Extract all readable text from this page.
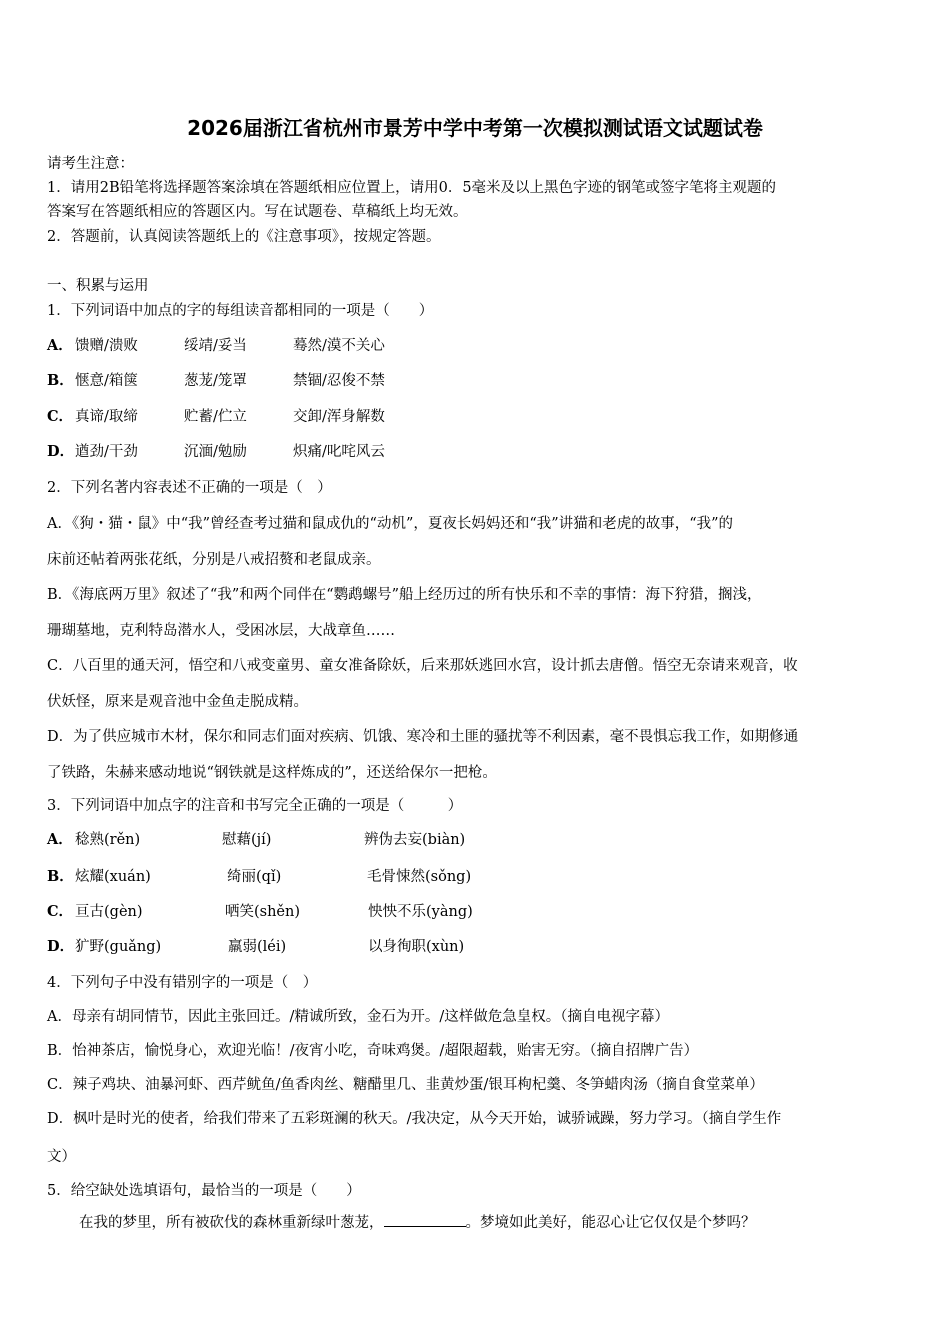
2026届浙江省杭州市景芳中学中考第一次模拟测试语文试题试卷
请考生注意：
1．请用2B铅笔将选择题答案涂填在答题纸相应位置上，请用0．5毫米及以上黑色字迹的钢笔或签字笔将主观题的
答案写在答题纸相应的答题区内。写在试题卷、草稿纸上均无效。
2．答题前，认真阅读答题纸上的《注意事项》，按规定答题。
一、积累与运用
1．下列词语中加点的字的每组读音都相同的一项是（　　）
A． 馈赠/溃败	绥靖/妥当	蓦然/漠不关心
B． 惬意/箱箧	葱茏/笼罩	禁锢/忍俊不禁
C． 真谛/取缔	贮蓄/伫立	交卸/浑身解数
D． 遒劲/干劲	沉湎/勉励	炽痛/叱咤风云
2．下列名著内容表述不正确的一项是（　）
A．《狗・猫・鼠》中“我”曾经查考过猫和鼠成仇的“动机”，夏夜长妈妈还和“我”讲猫和老虎的故事，“我”的
床前还帖着两张花纸，分别是八戒招赘和老鼠成亲。
B．《海底两万里》叙述了“我”和两个同伴在“鹦鹉螺号”船上经历过的所有快乐和不幸的事情：海下狩猎，搁浅，
珊瑚墓地，克利特岛潜水人，受困冰层，大战章鱼……
C．八百里的通天河，悟空和八戒变童男、童女准备除妖，后来那妖逃回水宫，设计抓去唐僧。悟空无奈请来观音，收
伏妖怪，原来是观音池中金鱼走脱成精。
D．为了供应城市木材，保尔和同志们面对疾病、饥饿、寒冷和土匪的骚扰等不利因素，毫不畏惧忘我工作，如期修通
了铁路，朱赫来感动地说“钢铁就是这样炼成的”，还送给保尔一把枪。
3．下列词语中加点字的注音和书写完全正确的一项是（　　　）
A． 稔熟(rěn)	慰藉(jí)	辨伪去妄(biàn)
B． 炫耀(xuán)	绮丽(qǐ)	毛骨悚然(sǒng)
C． 亘古(gèn)	哂笑(shěn)	怏怏不乐(yàng)
D． 犷野(guǎng)	羸弱(léi)	以身徇职(xùn)
4．下列句子中没有错别字的一项是（　）
A．母亲有胡同情节，因此主张回迁。/精诚所致，金石为开。/这样做危急皇权。（摘自电视字幕）
B．怡神茶店，愉悦身心，欢迎光临！/夜宵小吃，奇味鸡煲。/超限超载，贻害无穷。（摘自招牌广告）
C．辣子鸡块、油暴河虾、西芹鱿鱼/鱼香肉丝、糖醋里几、韭黄炒蛋/银耳枸杞羹、冬笋蜡肉汤（摘自食堂菜单）
D．枫叶是时光的使者，给我们带来了五彩斑澜的秋天。/我决定，从今天开始，诚骄诫躁，努力学习。（摘自学生作
文）
5．给空缺处选填语句，最恰当的一项是（　　）
在我的梦里，所有被砍伐的森林重新绿叶葱茏，	。梦境如此美好，能忍心让它仅仅是个梦吗？
